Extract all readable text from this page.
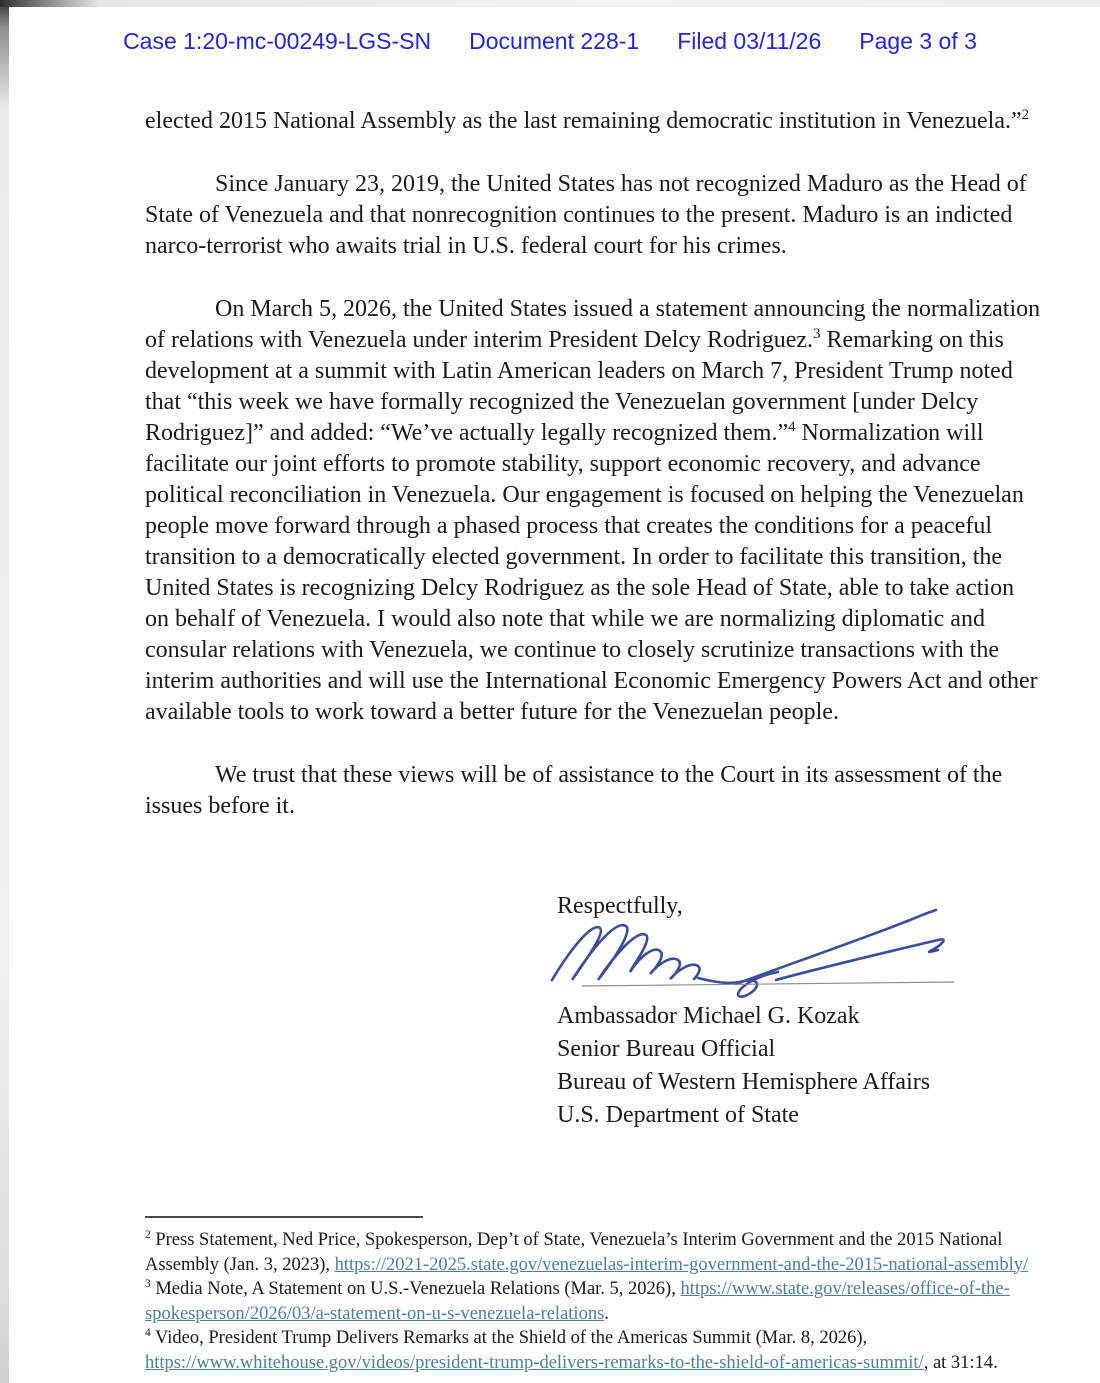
Case 1:20-mc-00249-LGS-SN Document 228-1 Filed 03/11/26 Page 3 of 3

elected 2015 National Assembly as the last remaining democratic institution in Venezuela.”$^2$

Since January 23, 2019, the United States has not recognized Maduro as the Head of State of Venezuela and that nonrecognition continues to the present. Maduro is an indicted narco-terrorist who awaits trial in U.S. federal court for his crimes.

On March 5, 2026, the United States issued a statement announcing the normalization of relations with Venezuela under interim President Delcy Rodriguez.$^3$ Remarking on this development at a summit with Latin American leaders on March 7, President Trump noted that “this week we have formally recognized the Venezuelan government [under Delcy Rodriguez]” and added: “We’ve actually legally recognized them.”$^4$ Normalization will facilitate our joint efforts to promote stability, support economic recovery, and advance political reconciliation in Venezuela. Our engagement is focused on helping the Venezuelan people move forward through a phased process that creates the conditions for a peaceful transition to a democratically elected government. In order to facilitate this transition, the United States is recognizing Delcy Rodriguez as the sole Head of State, able to take action on behalf of Venezuela. I would also note that while we are normalizing diplomatic and consular relations with Venezuela, we continue to closely scrutinize transactions with the interim authorities and will use the International Economic Emergency Powers Act and other available tools to work toward a better future for the Venezuelan people.

We trust that these views will be of assistance to the Court in its assessment of the issues before it.

Respectfully,
Ambassador Michael G. Kozak
Senior Bureau Official
Bureau of Western Hemisphere Affairs
U.S. Department of State
$^2$ Press Statement, Ned Price, Spokesperson, Dep’t of State, Venezuela’s Interim Government and the 2015 National Assembly (Jan. 3, 2023), https://2021-2025.state.gov/venezuelas-interim-government-and-the-2015-national-assembly/
$^3$ Media Note, A Statement on U.S.-Venezuela Relations (Mar. 5, 2026), https://www.state.gov/releases/office-of-the-spokesperson/2026/03/a-statement-on-u-s-venezuela-relations.
$^4$ Video, President Trump Delivers Remarks at the Shield of the Americas Summit (Mar. 8, 2026),
https://www.whitehouse.gov/videos/president-trump-delivers-remarks-to-the-shield-of-americas-summit/, at 31:14.
